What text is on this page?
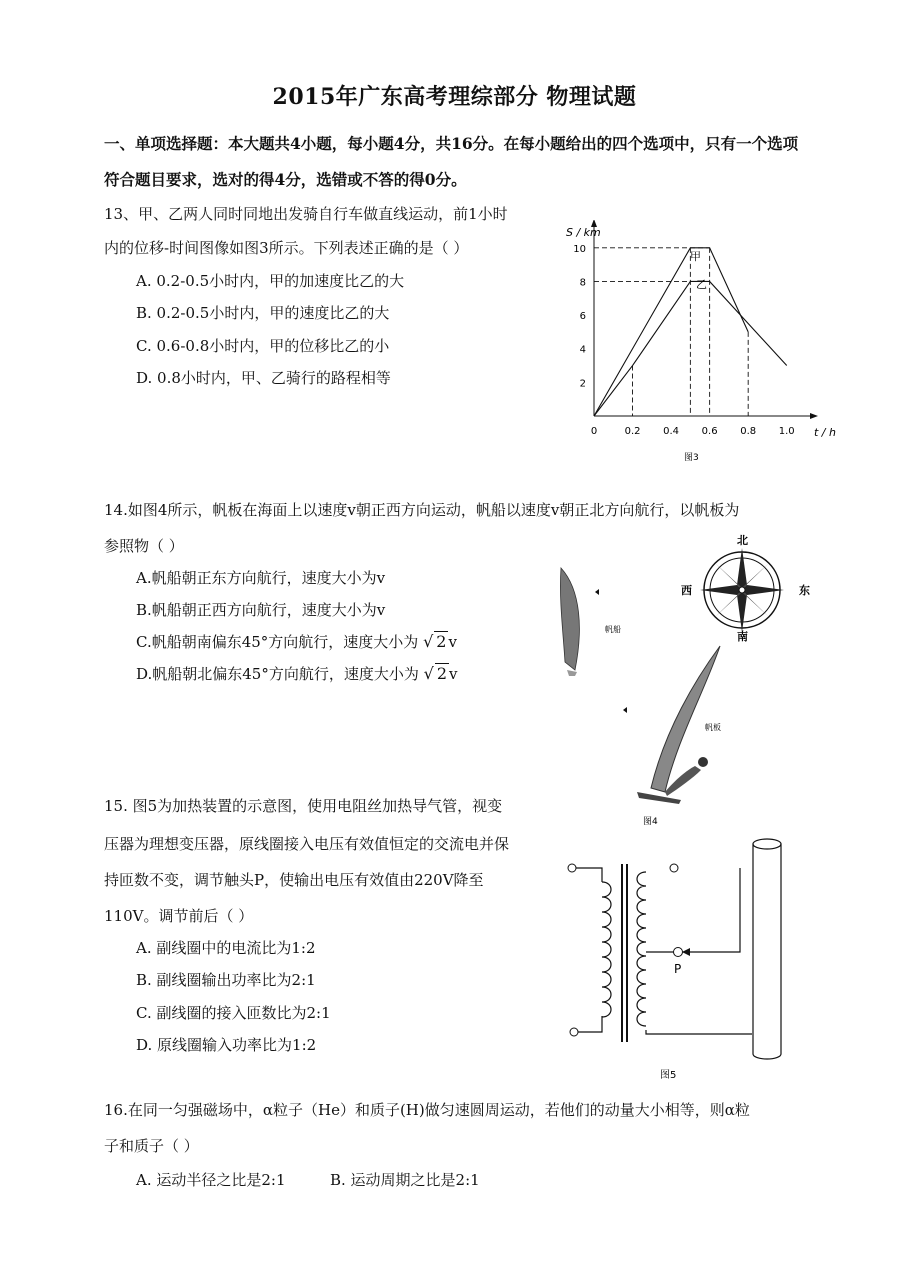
2015年广东高考理综部分 物理试题
一、单项选择题：本大题共4小题，每小题4分，共16分。在每小题给出的四个选项中，只有一个选项符合题目要求，选对的得4分，选错或不答的得0分。
13、甲、乙两人同时同地出发骑自行车做直线运动，前1小时
内的位移-时间图像如图3所示。下列表述正确的是（ ）
A. 0.2-0.5小时内，甲的加速度比乙的大
B. 0.2-0.5小时内，甲的速度比乙的大
C. 0.6-0.8小时内，甲的位移比乙的小
D. 0.8小时内，甲、乙骑行的路程相等
0	0.2 0.4 0.6 0.8 1.0
2
4
6
8
10
S / km
t / h
图3
甲
乙
14.如图4所示，帆板在海面上以速度v朝正西方向运动，帆船以速度v朝正北方向航行，以帆板为
参照物（ ）
A.帆船朝正东方向航行，速度大小为v
B.帆船朝正西方向航行，速度大小为v
C.帆船朝南偏东45°方向航行，速度大小为 √ 2 v
D.帆船朝北偏东45°方向航行，速度大小为 √ 2 v
北
南
东
西
帆船
帆板
图4
15. 图5为加热装置的示意图，使用电阻丝加热导气管，视变
压器为理想变压器，原线圈接入电压有效值恒定的交流电并保
持匝数不变，调节触头P，使输出电压有效值由220V降至
110V。调节前后（ ）
A. 副线圈中的电流比为1:2
B. 副线圈输出功率比为2:1
C. 副线圈的接入匝数比为2:1
D. 原线圈输入功率比为1:2
P
图5
16.在同一匀强磁场中，α粒子（He）和质子(H)做匀速圆周运动，若他们的动量大小相等，则α粒
子和质子（ ）
A. 运动半径之比是2:1	B. 运动周期之比是2:1
